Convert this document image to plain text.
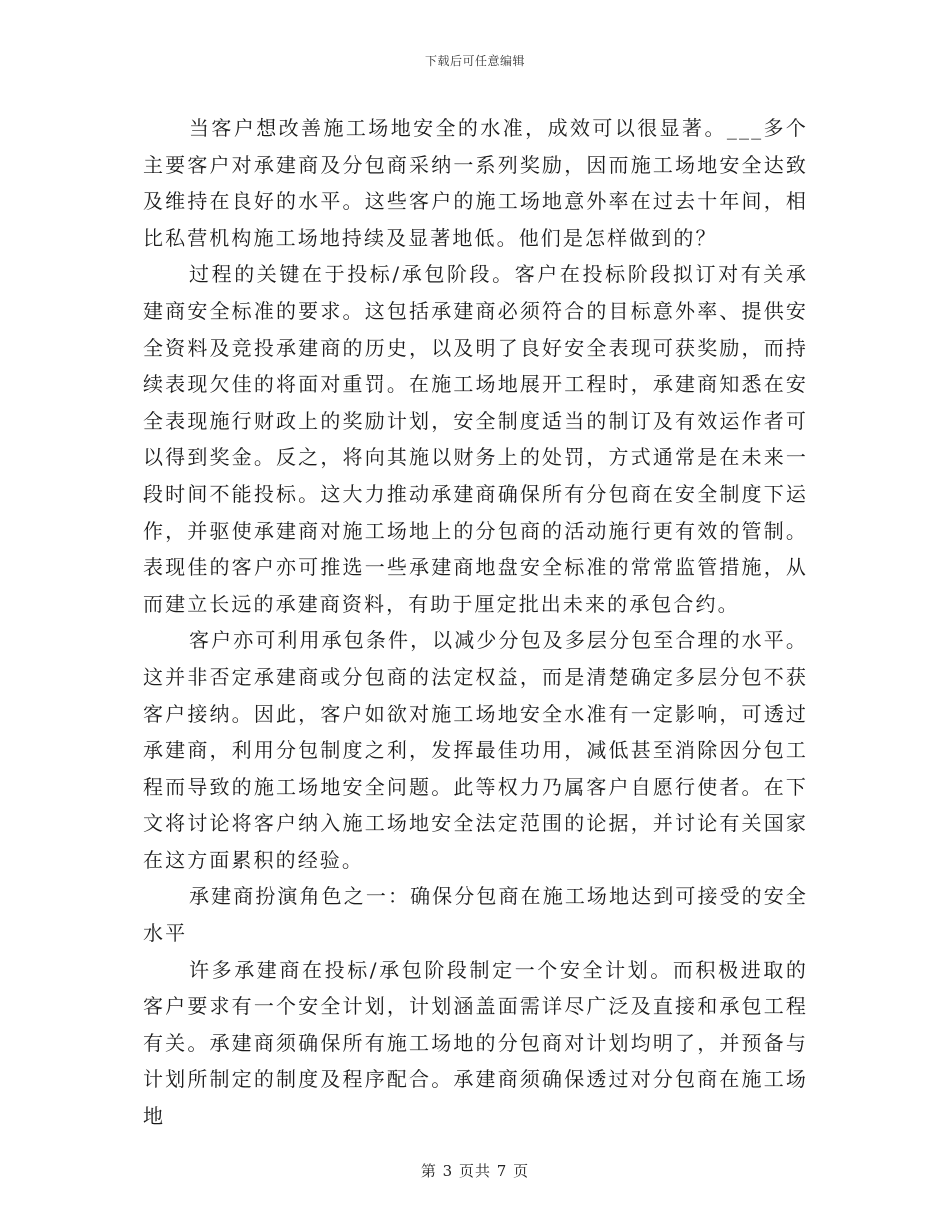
下载后可任意编辑

当客户想改善施工场地安全的水准，成效可以很显著。___多个主要客户对承建商及分包商采纳一系列奖励，因而施工场地安全达致及维持在良好的水平。这些客户的施工场地意外率在过去十年间，相比私营机构施工场地持续及显著地低。他们是怎样做到的？

过程的关键在于投标/承包阶段。客户在投标阶段拟订对有关承建商安全标准的要求。这包括承建商必须符合的目标意外率、提供安全资料及竞投承建商的历史，以及明了良好安全表现可获奖励，而持续表现欠佳的将面对重罚。在施工场地展开工程时，承建商知悉在安全表现施行财政上的奖励计划，安全制度适当的制订及有效运作者可以得到奖金。反之，将向其施以财务上的处罚，方式通常是在未来一段时间不能投标。这大力推动承建商确保所有分包商在安全制度下运作，并驱使承建商对施工场地上的分包商的活动施行更有效的管制。表现佳的客户亦可推选一些承建商地盘安全标准的常常监管措施，从而建立长远的承建商资料，有助于厘定批出未来的承包合约。

客户亦可利用承包条件，以减少分包及多层分包至合理的水平。这并非否定承建商或分包商的法定权益，而是清楚确定多层分包不获客户接纳。因此，客户如欲对施工场地安全水准有一定影响，可透过承建商，利用分包制度之利，发挥最佳功用，减低甚至消除因分包工程而导致的施工场地安全问题。此等权力乃属客户自愿行使者。在下文将讨论将客户纳入施工场地安全法定范围的论据，并讨论有关国家在这方面累积的经验。

承建商扮演角色之一：确保分包商在施工场地达到可接受的安全水平

许多承建商在投标/承包阶段制定一个安全计划。而积极进取的客户要求有一个安全计划，计划涵盖面需详尽广泛及直接和承包工程有关。承建商须确保所有施工场地的分包商对计划均明了，并预备与计划所制定的制度及程序配合。承建商须确保透过对分包商在施工场地

第 3 页共 7 页
